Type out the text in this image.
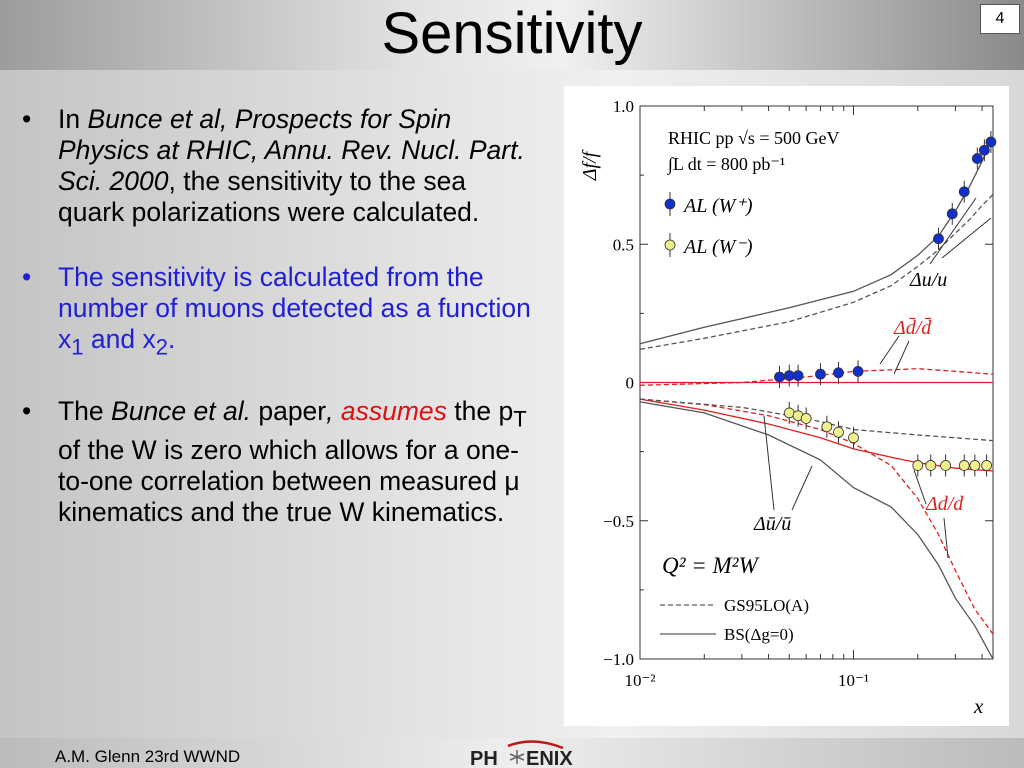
Sensitivity	4
• In Bunce et al, Prospects for Spin Physics at RHIC, Annu. Rev. Nucl. Part. Sci. 2000, the sensitivity to the sea quark polarizations were calculated.
• The sensitivity is calculated from the number of muons detected as a function $x_1$ and $x_2$.
• The Bunce et al. paper, assumes the $p_T$ of the W is zero which allows for a one-to-one correlation between measured μ kinematics and the true W kinematics.
1.0
0.5
0
−0.5
−1.0
10⁻²	10⁻¹
Δf/f
x
RHIC pp √s = 500 GeV
∫L dt = 800 pb⁻¹
AL (W⁺)
AL (W⁻)
Q² = M²W
GS95LO(A)
BS(Δg=0)
Δu/u
Δd̄/d̄
Δd/d
Δū/ū
A.M. Glenn 23rd WWND	PH ENIX
